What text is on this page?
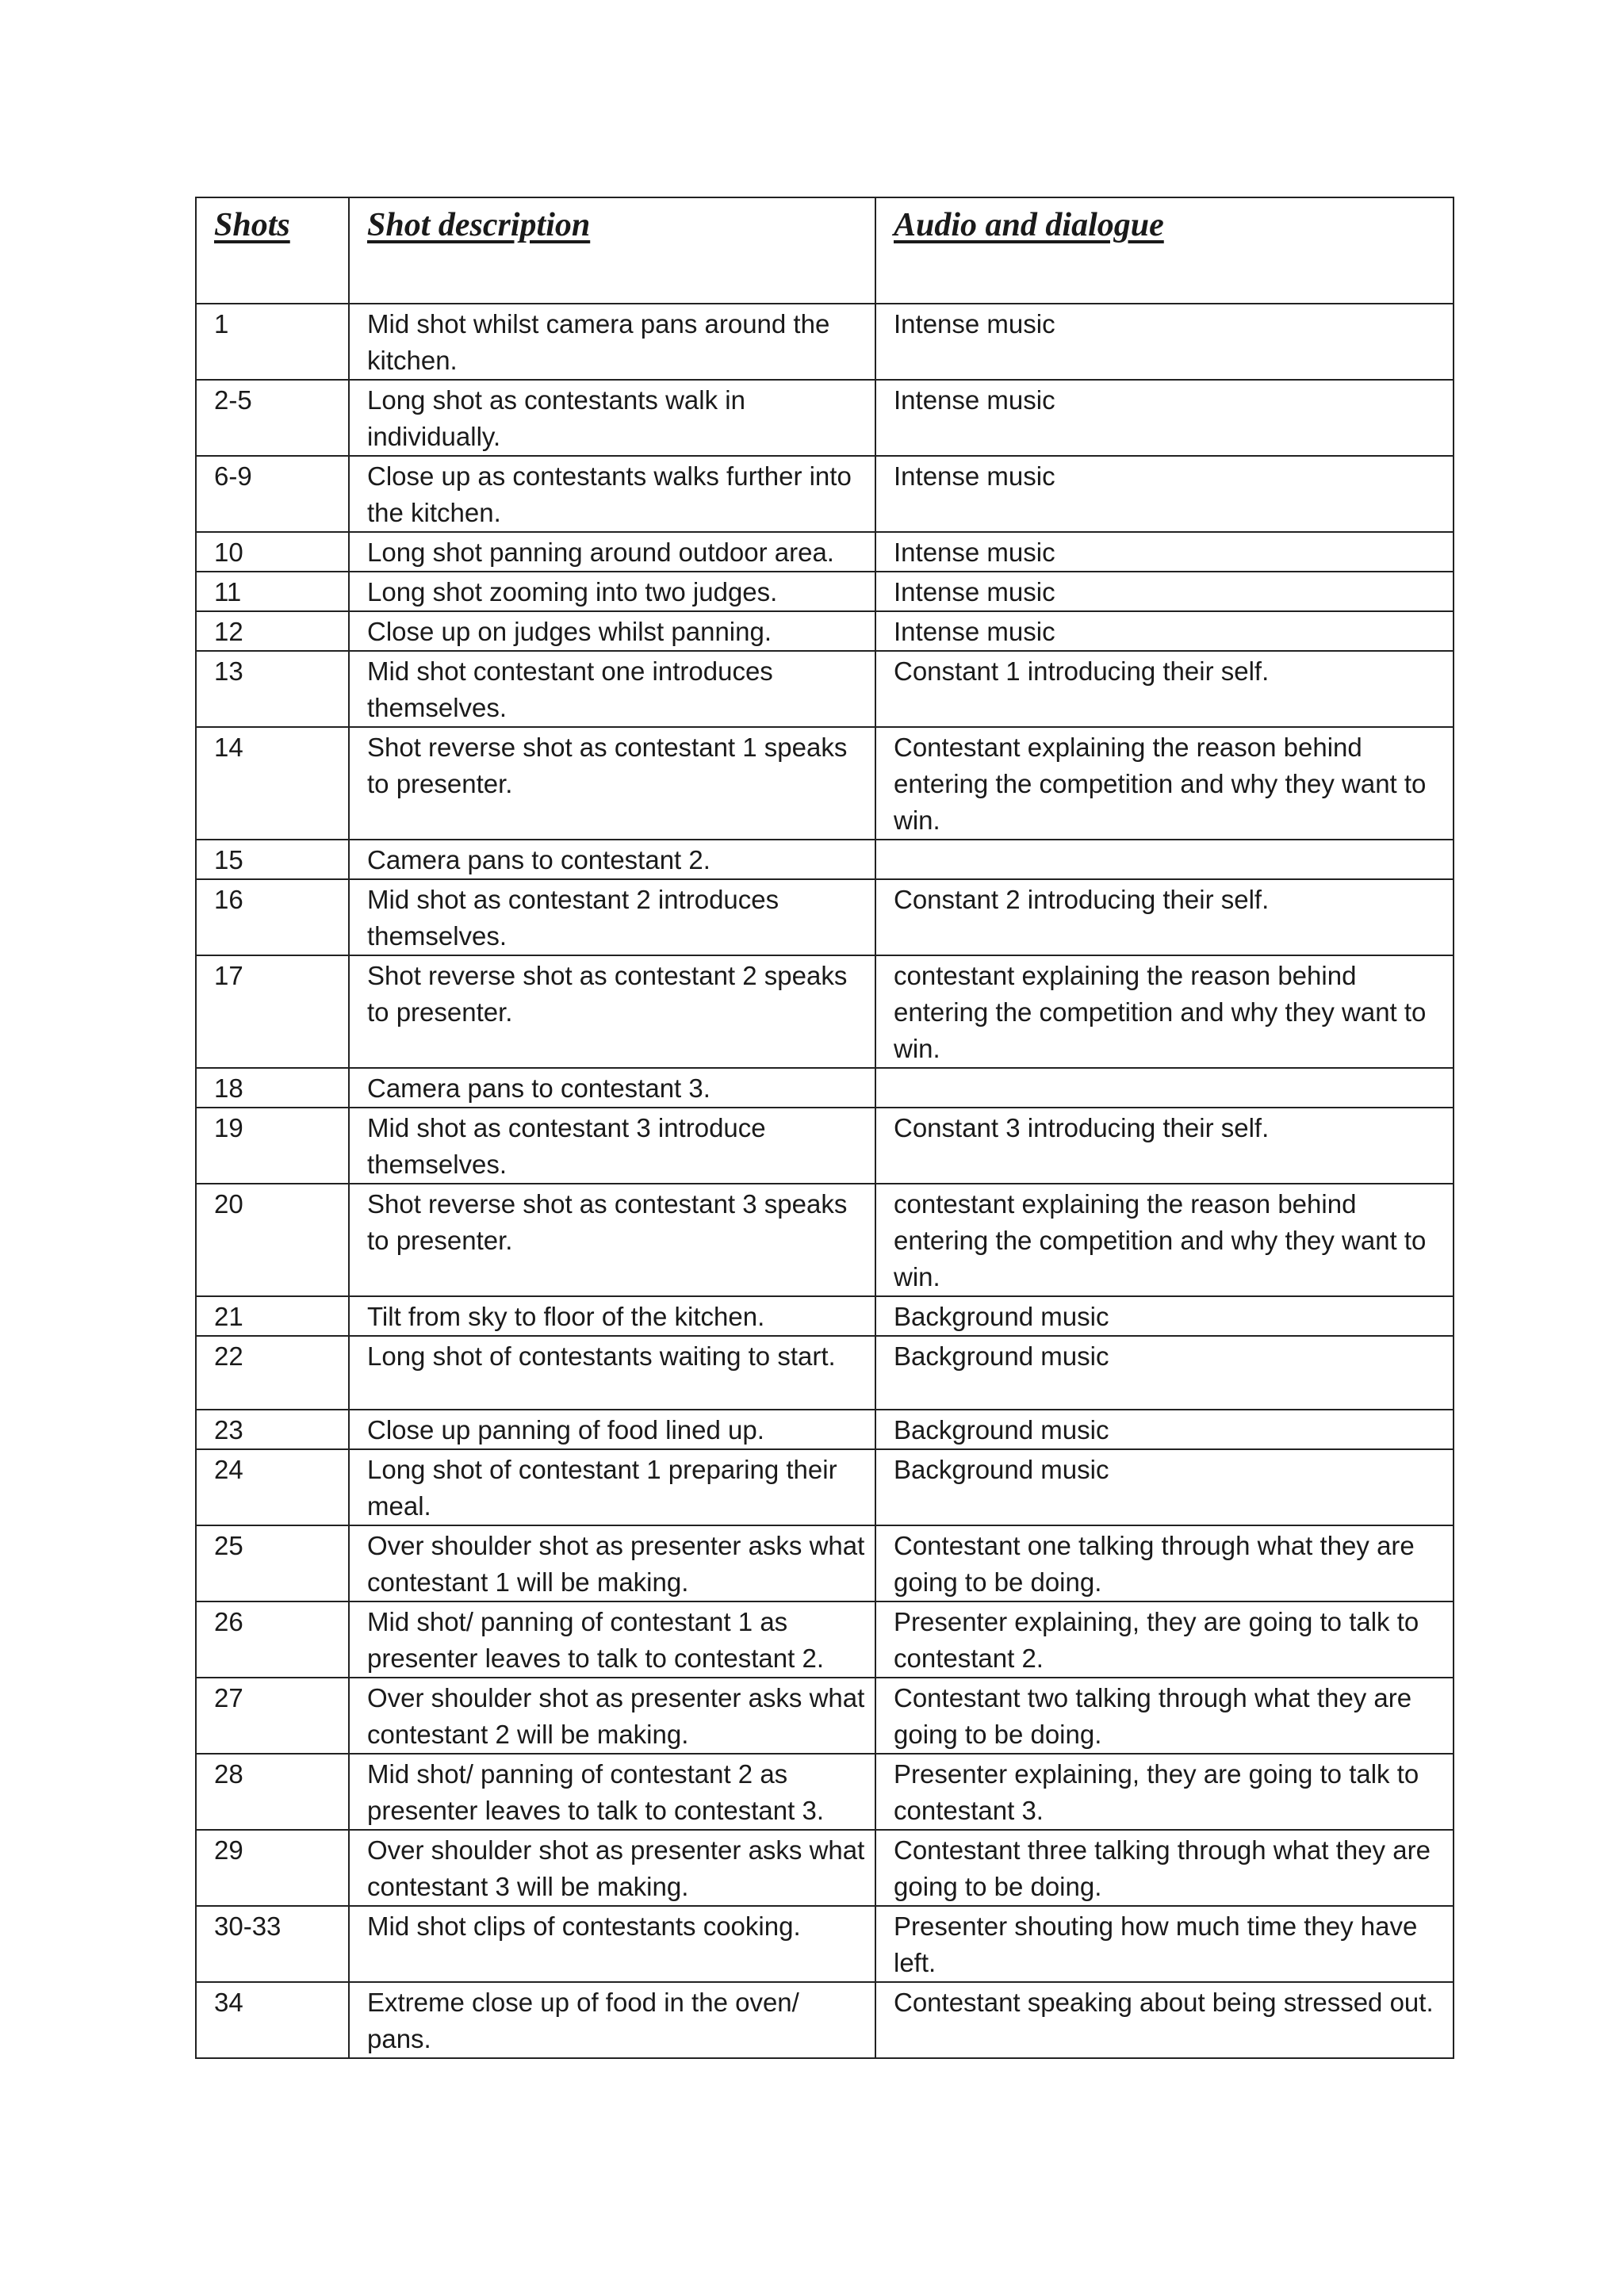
Shots	Shot description	Audio and dialogue
1	Mid shot whilst camera pans around the kitchen.	Intense music
2-5	Long shot as contestants walk in individually.	Intense music
6-9	Close up as contestants walks further into the kitchen.	Intense music
10	Long shot panning around outdoor area.	Intense music
11	Long shot zooming into two judges.	Intense music
12	Close up on judges whilst panning.	Intense music
13	Mid shot contestant one introduces themselves.	Constant 1 introducing their self.
14	Shot reverse shot as contestant 1 speaks to presenter.	Contestant explaining the reason behind entering the competition and why they want to win.
15	Camera pans to contestant 2.	
16	Mid shot as contestant 2 introduces themselves.	Constant 2 introducing their self.
17	Shot reverse shot as contestant 2 speaks to presenter.	contestant explaining the reason behind entering the competition and why they want to win.
18	Camera pans to contestant 3.	
19	Mid shot as contestant 3 introduce themselves.	Constant 3 introducing their self.
20	Shot reverse shot as contestant 3 speaks to presenter.	contestant explaining the reason behind entering the competition and why they want to win.
21	Tilt from sky to floor of the kitchen.	Background music
22	Long shot of contestants waiting to start.	Background music
23	Close up panning of food lined up.	Background music
24	Long shot of contestant 1 preparing their meal.	Background music
25	Over shoulder shot as presenter asks what contestant 1 will be making.	Contestant one talking through what they are going to be doing.
26	Mid shot/ panning of contestant 1 as presenter leaves to talk to contestant 2.	Presenter explaining, they are going to talk to contestant 2.
27	Over shoulder shot as presenter asks what contestant 2 will be making.	Contestant two talking through what they are going to be doing.
28	Mid shot/ panning of contestant 2 as presenter leaves to talk to contestant 3.	Presenter explaining, they are going to talk to contestant 3.
29	Over shoulder shot as presenter asks what contestant 3 will be making.	Contestant three talking through what they are going to be doing.
30-33	Mid shot clips of contestants cooking.	Presenter shouting how much time they have left.
34	Extreme close up of food in the oven/ pans.	Contestant speaking about being stressed out.
